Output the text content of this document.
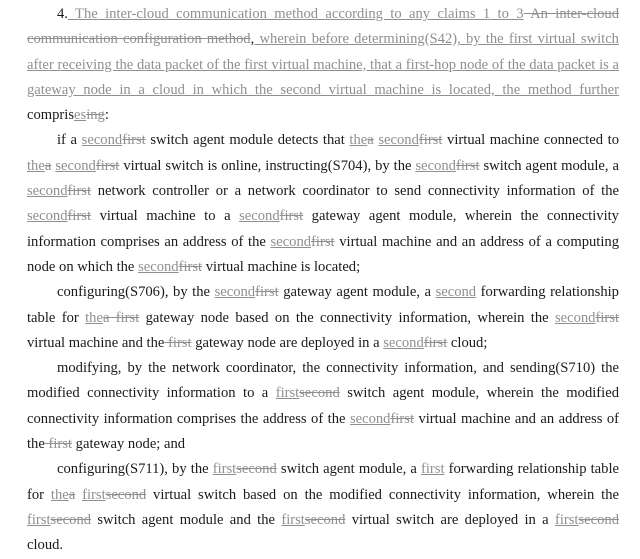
4. The inter-cloud communication method according to any claims 1 to 3 An inter-cloud communication configuration method, wherein before determining(S42), by the first virtual switch after receiving the data packet of the first virtual machine, that a first-hop node of the data packet is a gateway node in a cloud in which the second virtual machine is located, the method further comprisesing:

if a secondfirst switch agent module detects that thea secondfirst virtual machine connected to thea secondfirst virtual switch is online, instructing(S704), by the secondfirst switch agent module, a secondfirst network controller or a network coordinator to send connectivity information of the secondfirst virtual machine to a secondfirst gateway agent module, wherein the connectivity information comprises an address of the secondfirst virtual machine and an address of a computing node on which the secondfirst virtual machine is located;

configuring(S706), by the secondfirst gateway agent module, a second forwarding relationship table for thea first gateway node based on the connectivity information, wherein the secondfirst virtual machine and the first gateway node are deployed in a secondfirst cloud;

modifying, by the network coordinator, the connectivity information, and sending(S710) the modified connectivity information to a firstsecond switch agent module, wherein the modified connectivity information comprises the address of the secondfirst virtual machine and an address of the first gateway node; and

configuring(S711), by the firstsecond switch agent module, a first forwarding relationship table for thea firstsecond virtual switch based on the modified connectivity information, wherein the firstsecond switch agent module and the firstsecond virtual switch are deployed in a firstsecond cloud.
